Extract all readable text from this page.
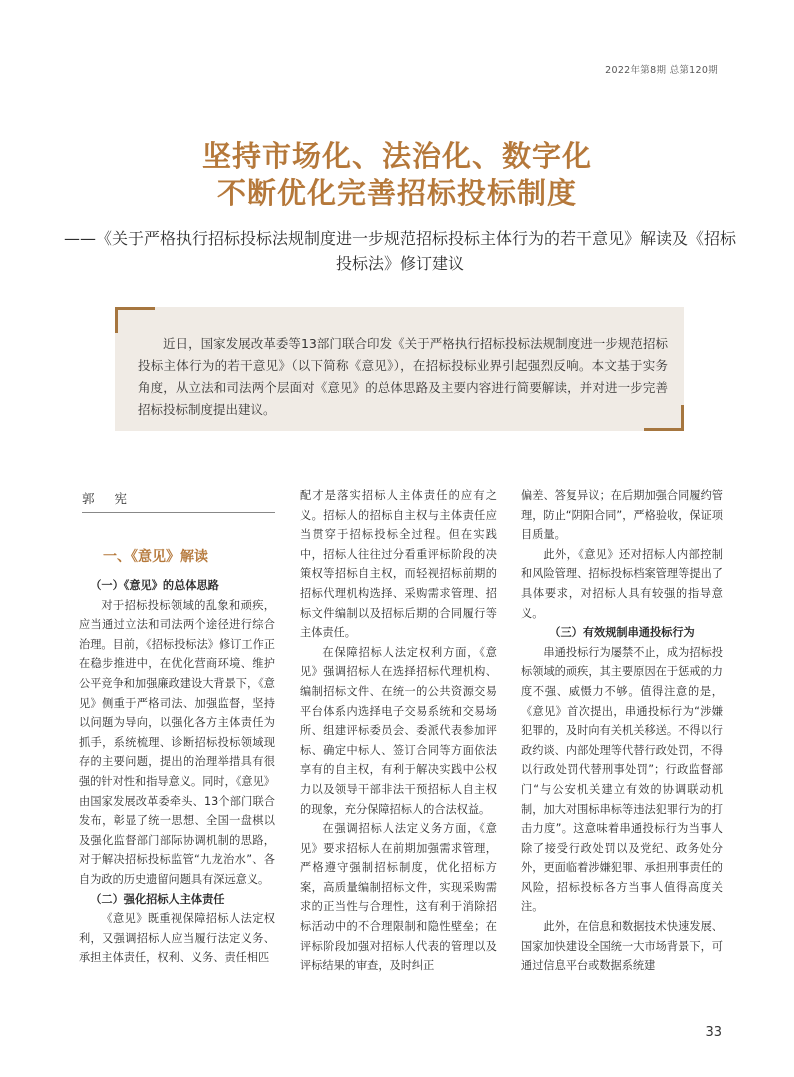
2022年第8期 总第120期
坚持市场化、法治化、数字化
不断优化完善招标投标制度
——《关于严格执行招标投标法规制度进一步规范招标投标主体行为的若干意见》解读及《招标投标法》修订建议
近日，国家发展改革委等13部门联合印发《关于严格执行招标投标法规制度进一步规范招标投标主体行为的若干意见》（以下简称《意见》），在招标投标业界引起强烈反响。本文基于实务角度，从立法和司法两个层面对《意见》的总体思路及主要内容进行简要解读，并对进一步完善招标投标制度提出建议。
郭 宪
一、《意见》解读

（一）《意见》的总体思路

对于招标投标领域的乱象和顽疾，应当通过立法和司法两个途径进行综合治理。目前，《招标投标法》修订工作正在稳步推进中，在优化营商环境、维护公平竞争和加强廉政建设大背景下，《意见》侧重于严格司法、加强监督，坚持以问题为导向，以强化各方主体责任为抓手，系统梳理、诊断招标投标领域现存的主要问题，提出的治理举措具有很强的针对性和指导意义。同时，《意见》由国家发展改革委牵头、13个部门联合发布，彰显了统一思想、全国一盘棋以及强化监督部门部际协调机制的思路，对于解决招标投标监管“九龙治水”、各自为政的历史遗留问题具有深远意义。

（二）强化招标人主体责任

《意见》既重视保障招标人法定权利，又强调招标人应当履行法定义务、承担主体责任，权利、义务、责任相匹

配才是落实招标人主体责任的应有之义。招标人的招标自主权与主体责任应当贯穿于招标投标全过程。但在实践中，招标人往往过分看重评标阶段的决策权等招标自主权，而轻视招标前期的招标代理机构选择、采购需求管理、招标文件编制以及招标后期的合同履行等主体责任。

在保障招标人法定权利方面，《意见》强调招标人在选择招标代理机构、编制招标文件、在统一的公共资源交易平台体系内选择电子交易系统和交易场所、组建评标委员会、委派代表参加评标、确定中标人、签订合同等方面依法享有的自主权，有利于解决实践中公权力以及领导干部非法干预招标人自主权的现象，充分保障招标人的合法权益。

在强调招标人法定义务方面，《意见》要求招标人在前期加强需求管理，严格遵守强制招标制度，优化招标方案，高质量编制招标文件，实现采购需求的正当性与合理性，这有利于消除招标活动中的不合理限制和隐性壁垒；在评标阶段加强对招标人代表的管理以及评标结果的审查，及时纠正

偏差、答复异议；在后期加强合同履约管理，防止“阴阳合同”，严格验收，保证项目质量。

此外，《意见》还对招标人内部控制和风险管理、招标投标档案管理等提出了具体要求，对招标人具有较强的指导意义。

（三）有效规制串通投标行为

串通投标行为屡禁不止，成为招标投标领域的顽疾，其主要原因在于惩戒的力度不强、威慑力不够。值得注意的是，《意见》首次提出，串通投标行为“涉嫌犯罪的，及时向有关机关移送。不得以行政约谈、内部处理等代替行政处罚，不得以行政处罚代替刑事处罚”；行政监督部门“与公安机关建立有效的协调联动机制，加大对围标串标等违法犯罪行为的打击力度”。这意味着串通投标行为当事人除了接受行政处罚以及党纪、政务处分外，更面临着涉嫌犯罪、承担刑事责任的风险，招标投标各方当事人值得高度关注。

此外，在信息和数据技术快速发展、国家加快建设全国统一大市场背景下，可通过信息平台或数据系统建

33
